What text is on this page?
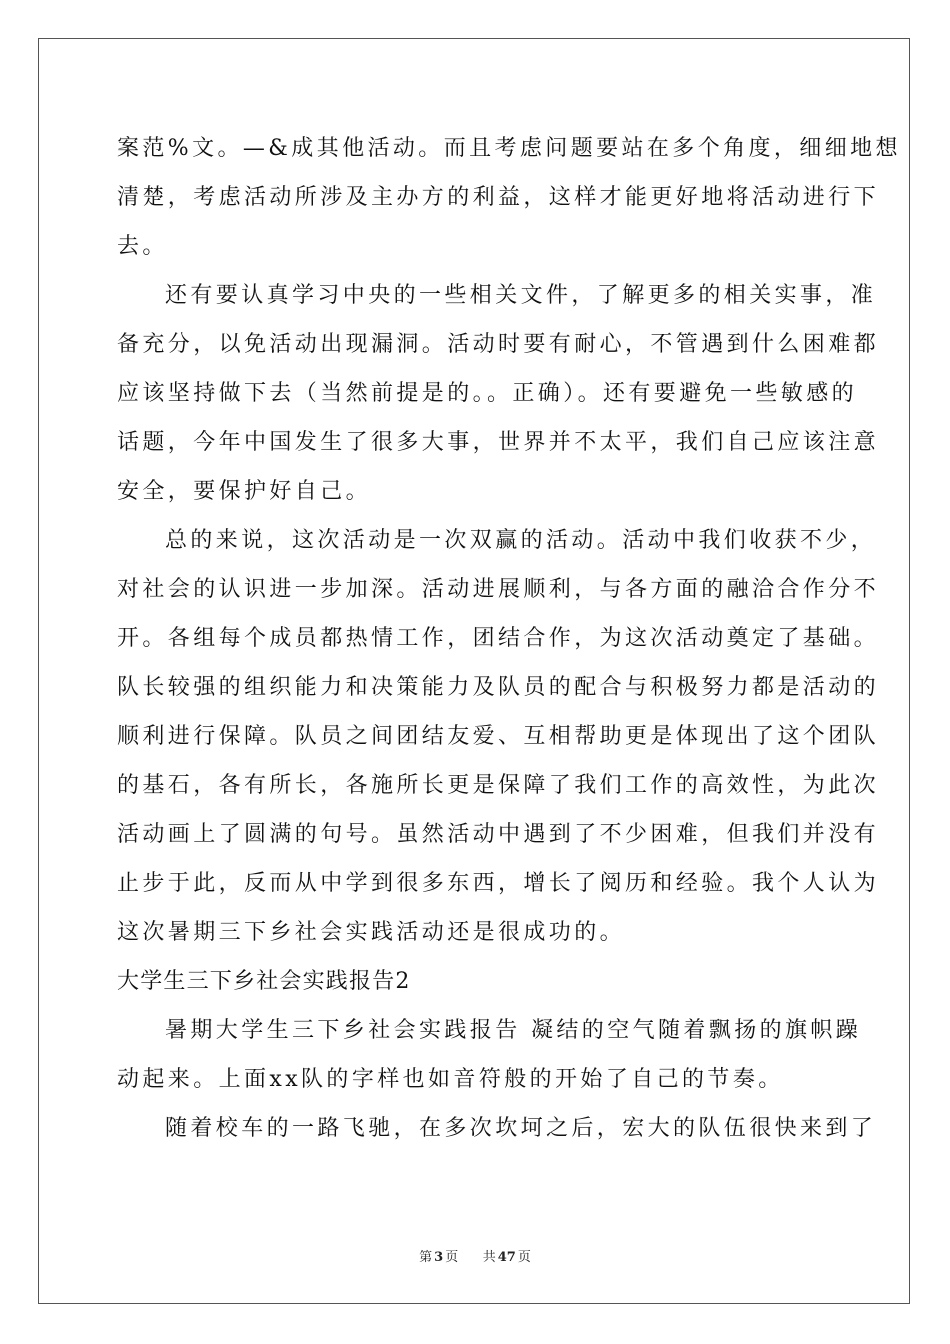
案范%文。—&成其他活动。而且考虑问题要站在多个角度，细细地想
清楚，考虑活动所涉及主办方的利益，这样才能更好地将活动进行下
去。
还有要认真学习中央的一些相关文件，了解更多的相关实事，准
备充分，以免活动出现漏洞。活动时要有耐心，不管遇到什么困难都
应该坚持做下去（当然前提是的。。正确）。还有要避免一些敏感的
话题，今年中国发生了很多大事，世界并不太平，我们自己应该注意
安全，要保护好自己。
总的来说，这次活动是一次双赢的活动。活动中我们收获不少，
对社会的认识进一步加深。活动进展顺利，与各方面的融洽合作分不
开。各组每个成员都热情工作，团结合作，为这次活动奠定了基础。
队长较强的组织能力和决策能力及队员的配合与积极努力都是活动的
顺利进行保障。队员之间团结友爱、互相帮助更是体现出了这个团队
的基石，各有所长，各施所长更是保障了我们工作的高效性，为此次
活动画上了圆满的句号。虽然活动中遇到了不少困难，但我们并没有
止步于此，反而从中学到很多东西，增长了阅历和经验。我个人认为
这次暑期三下乡社会实践活动还是很成功的。
大学生三下乡社会实践报告2
暑期大学生三下乡社会实践报告 凝结的空气随着飘扬的旗帜躁
动起来。上面xx队的字样也如音符般的开始了自己的节奏。
随着校车的一路飞驰，在多次坎坷之后，宏大的队伍很快来到了
第 3 页 共 47 页
